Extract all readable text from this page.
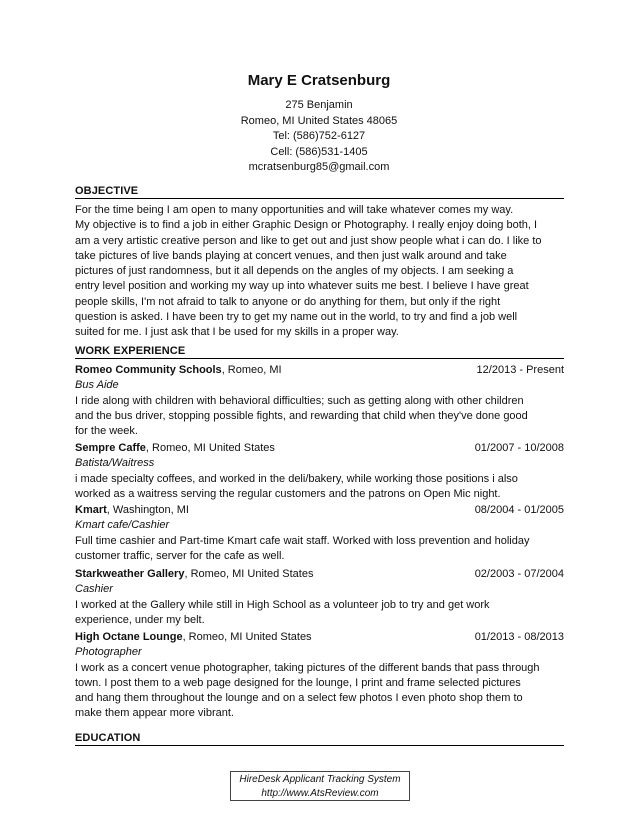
Mary E Cratsenburg
275 Benjamin
Romeo, MI United States 48065
Tel: (586)752-6127
Cell: (586)531-1405
mcratsenburg85@gmail.com
OBJECTIVE
For the time being I am open to many opportunities and will take whatever comes my way.
My objective is to find a job in either Graphic Design or Photography. I really enjoy doing both, I
am a very artistic creative person and like to get out and just show people what i can do. I like to
take pictures of live bands playing at concert venues, and then just walk around and take
pictures of just randomness, but it all depends on the angles of my objects. I am seeking a
entry level position and working my way up into whatever suits me best. I believe I have great
people skills, I'm not afraid to talk to anyone or do anything for them, but only if the right
question is asked. I have been try to get my name out in the world, to try and find a job well
suited for me. I just ask that I be used for my skills in a proper way.
WORK EXPERIENCE
Romeo Community Schools, Romeo, MI	12/2013 - Present
Bus Aide
I ride along with children with behavioral difficulties; such as getting along with other children
and the bus driver, stopping possible fights, and rewarding that child when they've done good
for the week.
Sempre Caffe, Romeo, MI United States	01/2007 - 10/2008
Batista/Waitress
i made specialty coffees, and worked in the deli/bakery, while working those positions i also
worked as a waitress serving the regular customers and the patrons on Open Mic night.
Kmart, Washington, MI	08/2004 - 01/2005
Kmart cafe/Cashier
Full time cashier and Part-time Kmart cafe wait staff. Worked with loss prevention and holiday
customer traffic, server for the cafe as well.
Starkweather Gallery, Romeo, MI United States	02/2003 - 07/2004
Cashier
I worked at the Gallery while still in High School as a volunteer job to try and get work
experience, under my belt.
High Octane Lounge, Romeo, MI United States	01/2013 - 08/2013
Photographer
I work as a concert venue photographer, taking pictures of the different bands that pass through
town. I post them to a web page designed for the lounge, I print and frame selected pictures
and hang them throughout the lounge and on a select few photos I even photo shop them to
make them appear more vibrant.
EDUCATION
HireDesk Applicant Tracking System
http://www.AtsReview.com
